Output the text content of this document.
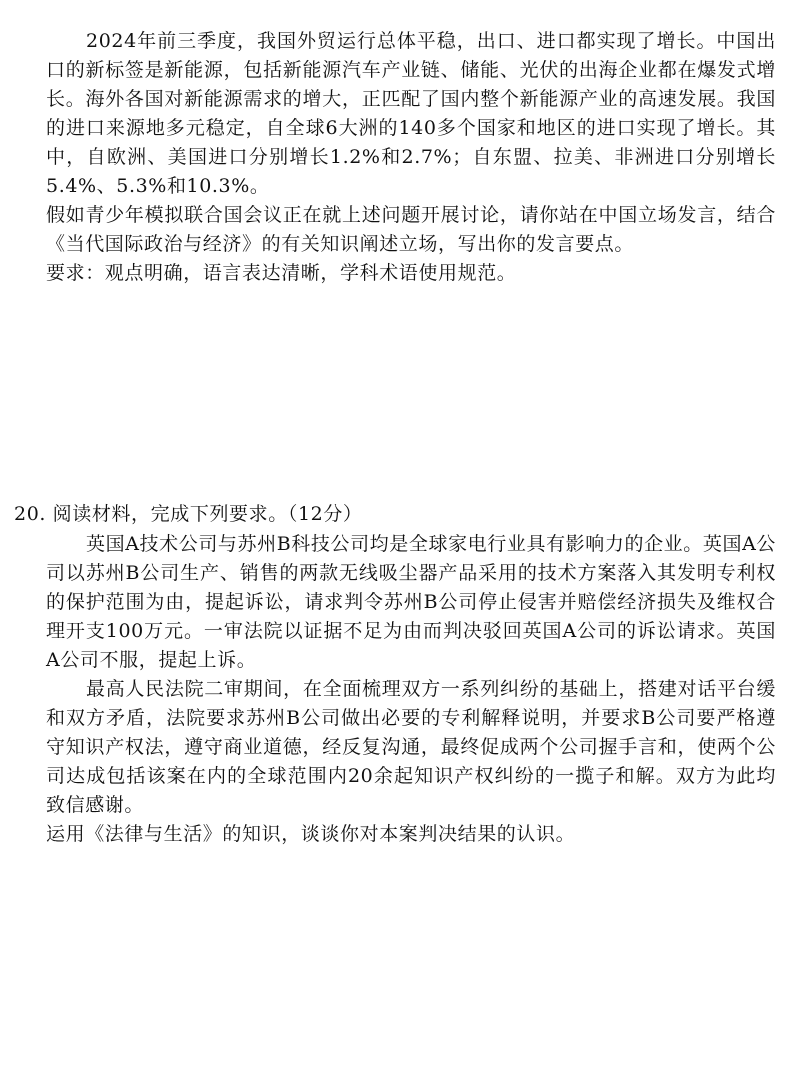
2024年前三季度，我国外贸运行总体平稳，出口、进口都实现了增长。中国出口的新标签是新能源，包括新能源汽车产业链、储能、光伏的出海企业都在爆发式增长。海外各国对新能源需求的增大，正匹配了国内整个新能源产业的高速发展。我国的进口来源地多元稳定，自全球6大洲的140多个国家和地区的进口实现了增长。其中，自欧洲、美国进口分别增长1.2%和2.7%；自东盟、拉美、非洲进口分别增长5.4%、5.3%和10.3%。

假如青少年模拟联合国会议正在就上述问题开展讨论，请你站在中国立场发言，结合《当代国际政治与经济》的有关知识阐述立场，写出你的发言要点。

要求：观点明确，语言表达清晰，学科术语使用规范。

20. 阅读材料，完成下列要求。（12分）

英国A技术公司与苏州B科技公司均是全球家电行业具有影响力的企业。英国A公司以苏州B公司生产、销售的两款无线吸尘器产品采用的技术方案落入其发明专利权的保护范围为由，提起诉讼，请求判令苏州B公司停止侵害并赔偿经济损失及维权合理开支100万元。一审法院以证据不足为由而判决驳回英国A公司的诉讼请求。英国A公司不服，提起上诉。

最高人民法院二审期间，在全面梳理双方一系列纠纷的基础上，搭建对话平台缓和双方矛盾，法院要求苏州B公司做出必要的专利解释说明，并要求B公司要严格遵守知识产权法，遵守商业道德，经反复沟通，最终促成两个公司握手言和，使两个公司达成包括该案在内的全球范围内20余起知识产权纠纷的一揽子和解。双方为此均致信感谢。

运用《法律与生活》的知识，谈谈你对本案判决结果的认识。
